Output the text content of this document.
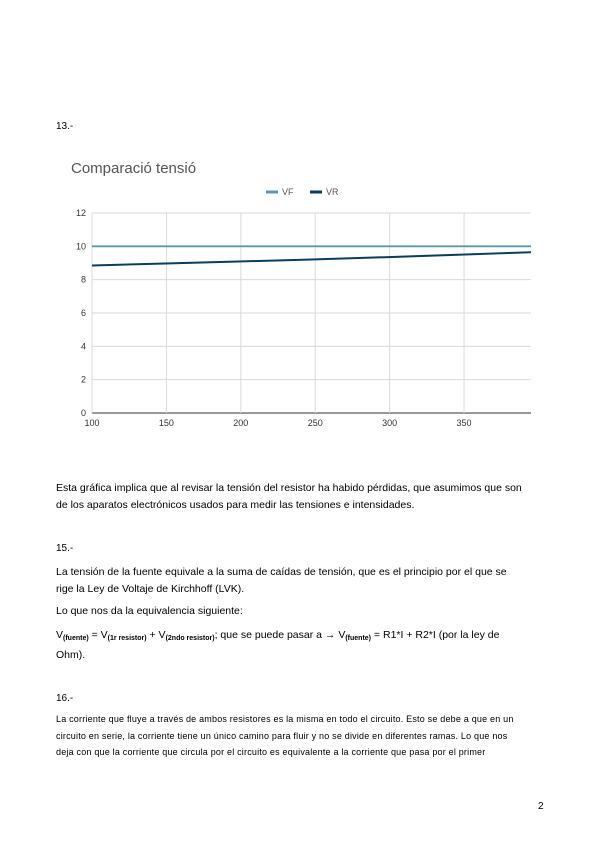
13.-
Comparació tensió
VF	VR
0
2
4
6
8
10
12
100	150	200	250	300	350
Esta gráfica implica que al revisar la tensión del resistor ha habido pérdidas, que asumimos que son
de los aparatos electrónicos usados para medir las tensiones e intensidades.
15.-
La tensión de la fuente equivale a la suma de caídas de tensión, que es el principio por el que se
rige la Ley de Voltaje de Kirchhoff (LVK).
Lo que nos da la equivalencia siguiente:
$V_{(fuente)} = V_{(1r resistor)} + V_{(2ndo resistor)}$; que se puede pasar $a \to V_{(fuente)} = R1*I + R2*I$ (por la ley de
Ohm).
16.-
La corriente que fluye a través de ambos resistores es la misma en todo el circuito. Esto se debe a que en un
circuito en serie, la corriente tiene un único camino para fluir y no se divide en diferentes ramas. Lo que nos
deja con que la corriente que circula por el circuito es equivalente a la corriente que pasa por el primer
2
